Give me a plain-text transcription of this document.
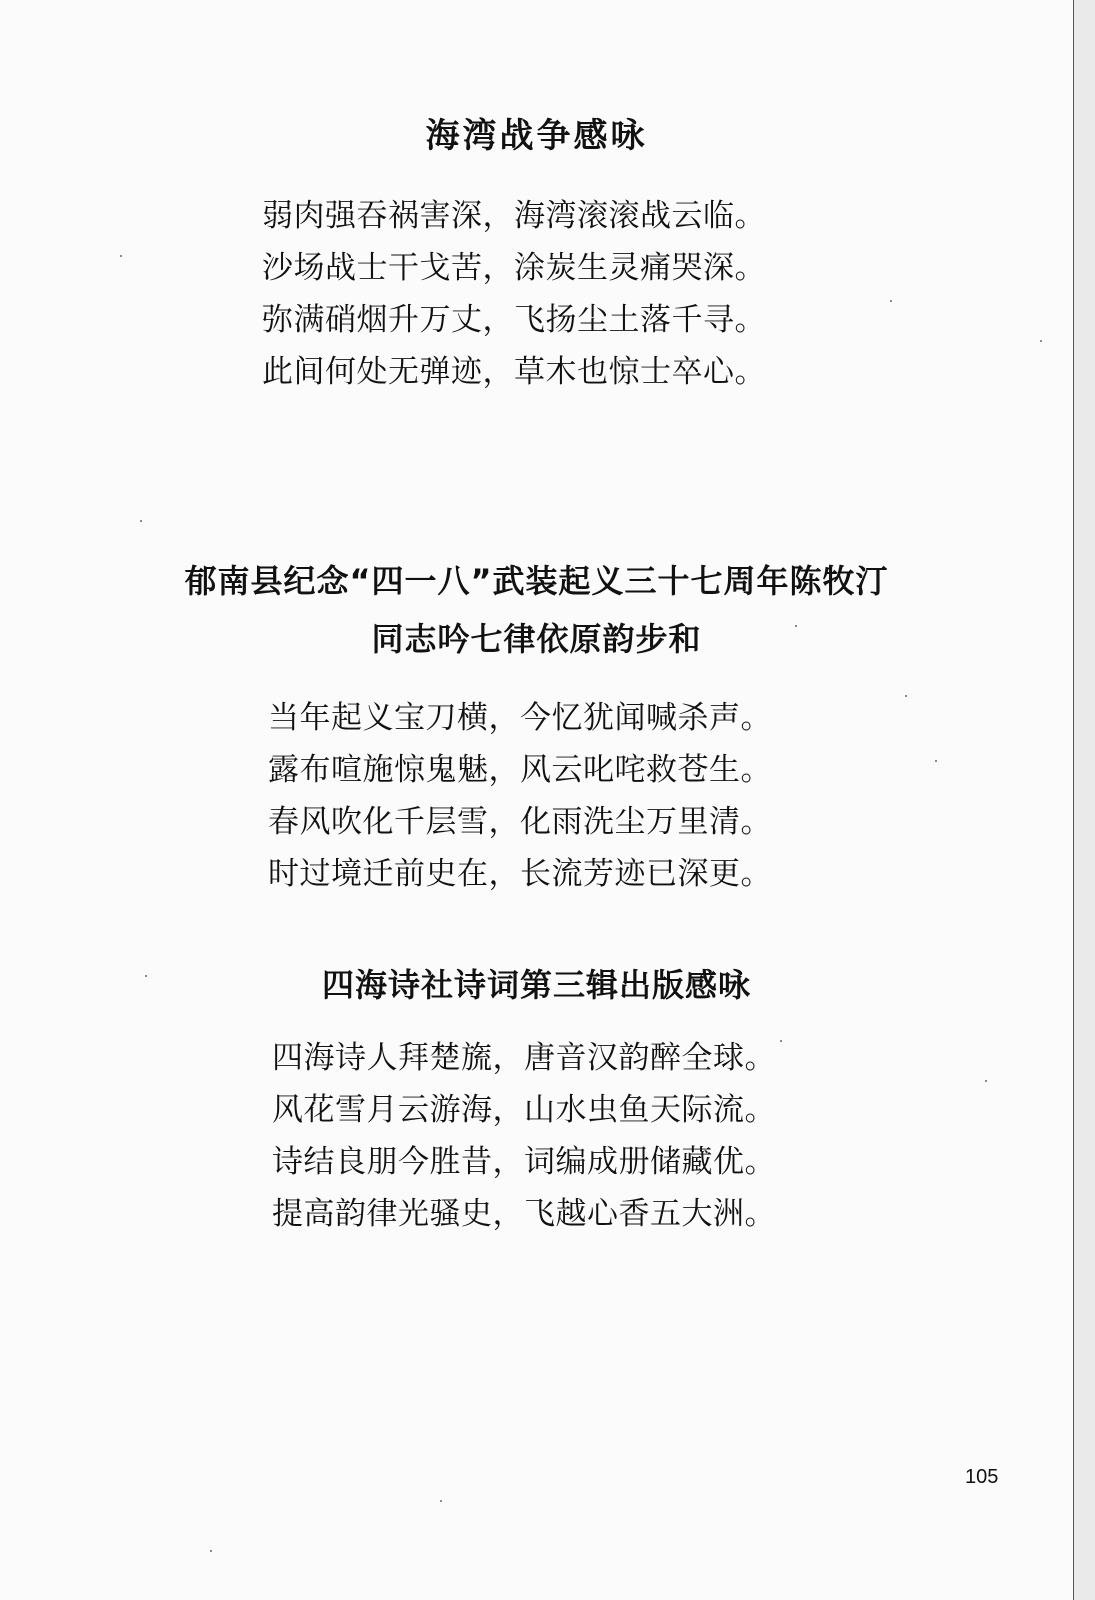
海湾战争感咏
弱肉强吞祸害深，海湾滚滚战云临。
沙场战士干戈苦，涂炭生灵痛哭深。
弥满硝烟升万丈，飞扬尘土落千寻。
此间何处无弹迹，草木也惊士卒心。
郁南县纪念“四一八”武装起义三十七周年陈牧汀
同志吟七律依原韵步和
当年起义宝刀横，今忆犹闻喊杀声。
露布喧施惊鬼魅，风云叱咤救苍生。
春风吹化千层雪，化雨洗尘万里清。
时过境迁前史在，长流芳迹已深更。
四海诗社诗词第三辑出版感咏
四海诗人拜楚旒，唐音汉韵醉全球。
风花雪月云游海，山水虫鱼天际流。
诗结良朋今胜昔，词编成册储藏优。
提高韵律光骚史，飞越心香五大洲。
105
